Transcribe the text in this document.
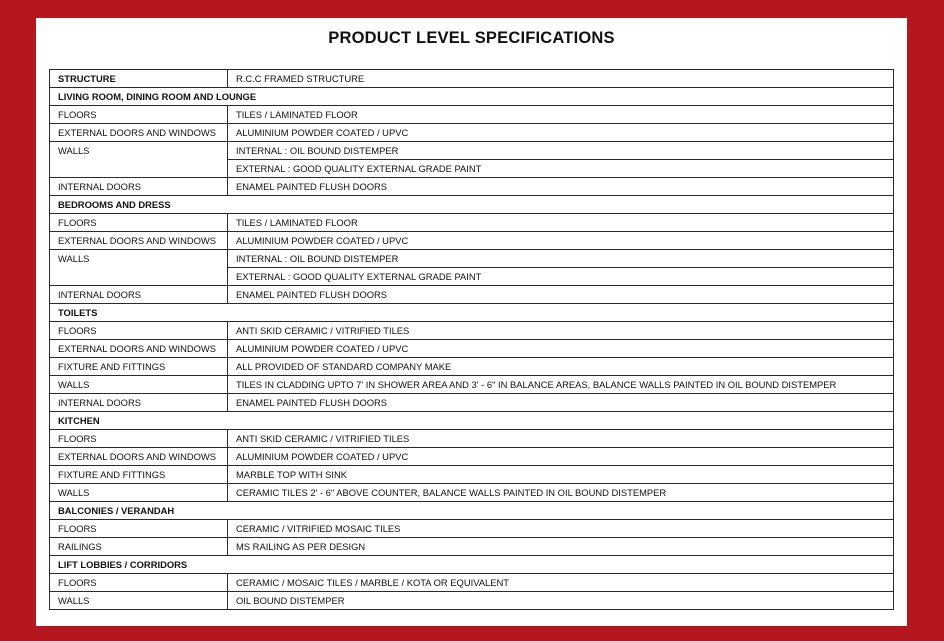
PRODUCT LEVEL SPECIFICATIONS
STRUCTURE	R.C.C FRAMED STRUCTURE
LIVING ROOM, DINING ROOM AND LOUNGE	
FLOORS	TILES / LAMINATED FLOOR
EXTERNAL DOORS AND WINDOWS	ALUMINIUM POWDER COATED / UPVC
WALLS	INTERNAL : OIL BOUND DISTEMPER
	EXTERNAL : GOOD QUALITY EXTERNAL GRADE PAINT
INTERNAL DOORS	ENAMEL PAINTED FLUSH DOORS
BEDROOMS AND DRESS	
FLOORS	TILES / LAMINATED FLOOR
EXTERNAL DOORS AND WINDOWS	ALUMINIUM POWDER COATED / UPVC
WALLS	INTERNAL : OIL BOUND DISTEMPER
	EXTERNAL : GOOD QUALITY EXTERNAL GRADE PAINT
INTERNAL DOORS	ENAMEL PAINTED FLUSH DOORS
TOILETS	
FLOORS	ANTI SKID CERAMIC / VITRIFIED TILES
EXTERNAL DOORS AND WINDOWS	ALUMINIUM POWDER COATED / UPVC
FIXTURE AND FITTINGS	ALL PROVIDED OF STANDARD COMPANY MAKE
WALLS	TILES IN CLADDING UPTO 7' IN SHOWER AREA AND 3' - 6" IN BALANCE AREAS, BALANCE WALLS PAINTED IN OIL BOUND DISTEMPER
INTERNAL DOORS	ENAMEL PAINTED FLUSH DOORS
KITCHEN	
FLOORS	ANTI SKID CERAMIC / VITRIFIED TILES
EXTERNAL DOORS AND WINDOWS	ALUMINIUM POWDER COATED / UPVC
FIXTURE AND FITTINGS	MARBLE TOP WITH SINK
WALLS	CERAMIC TILES 2' - 6" ABOVE COUNTER, BALANCE WALLS PAINTED IN OIL BOUND DISTEMPER
BALCONIES / VERANDAH	
FLOORS	CERAMIC / VITRIFIED MOSAIC TILES
RAILINGS	MS RAILING AS PER DESIGN
LIFT LOBBIES / CORRIDORS	
FLOORS	CERAMIC / MOSAIC TILES / MARBLE / KOTA OR EQUIVALENT
WALLS	OIL BOUND DISTEMPER
